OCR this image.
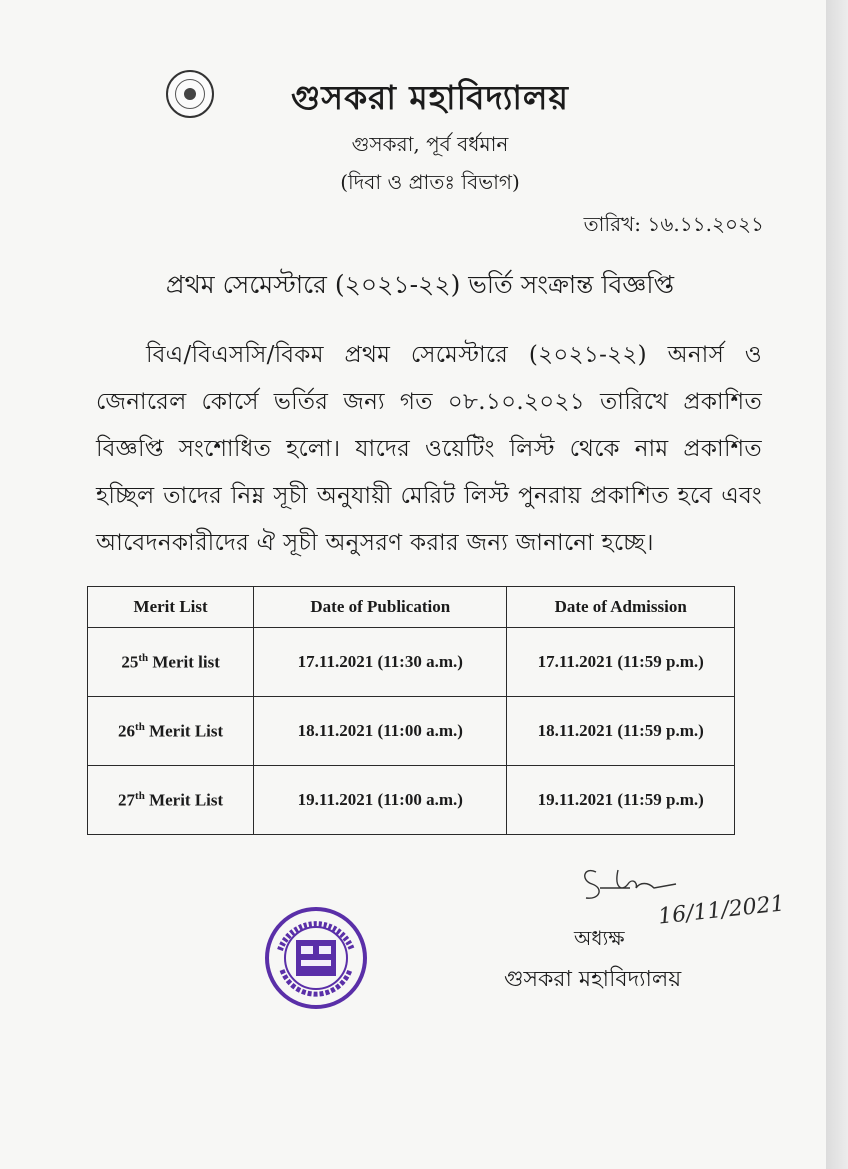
গুসকরা মহাবিদ্যালয়
গুসকরা, পূর্ব বর্ধমান
(দিবা ও প্রাতঃ বিভাগ)
তারিখ: ১৬.১১.২০২১
প্রথম সেমেস্টারে (২০২১-২২) ভর্তি সংক্রান্ত বিজ্ঞপ্তি
বিএ/বিএসসি/বিকম প্রথম সেমেস্টারে (২০২১-২২) অনার্স ও জেনারেল কোর্সে ভর্তির জন্য গত ০৮.১০.২০২১ তারিখে প্রকাশিত বিজ্ঞপ্তি সংশোধিত হলো। যাদের ওয়েটিং লিস্ট থেকে নাম প্রকাশিত হচ্ছিল তাদের নিম্ন সূচী অনুযায়ী মেরিট লিস্ট পুনরায় প্রকাশিত হবে এবং আবেদনকারীদের ঐ সূচী অনুসরণ করার জন্য জানানো হচ্ছে।
Merit List	Date of Publication	Date of Admission
25th Merit list	17.11.2021 (11:30 a.m.)	17.11.2021 (11:59 p.m.)
26th Merit List	18.11.2021 (11:00 a.m.)	18.11.2021 (11:59 p.m.)
27th Merit List	19.11.2021 (11:00 a.m.)	19.11.2021 (11:59 p.m.)
16/11/2021
অধ্যক্ষ
গুসকরা মহাবিদ্যালয়
